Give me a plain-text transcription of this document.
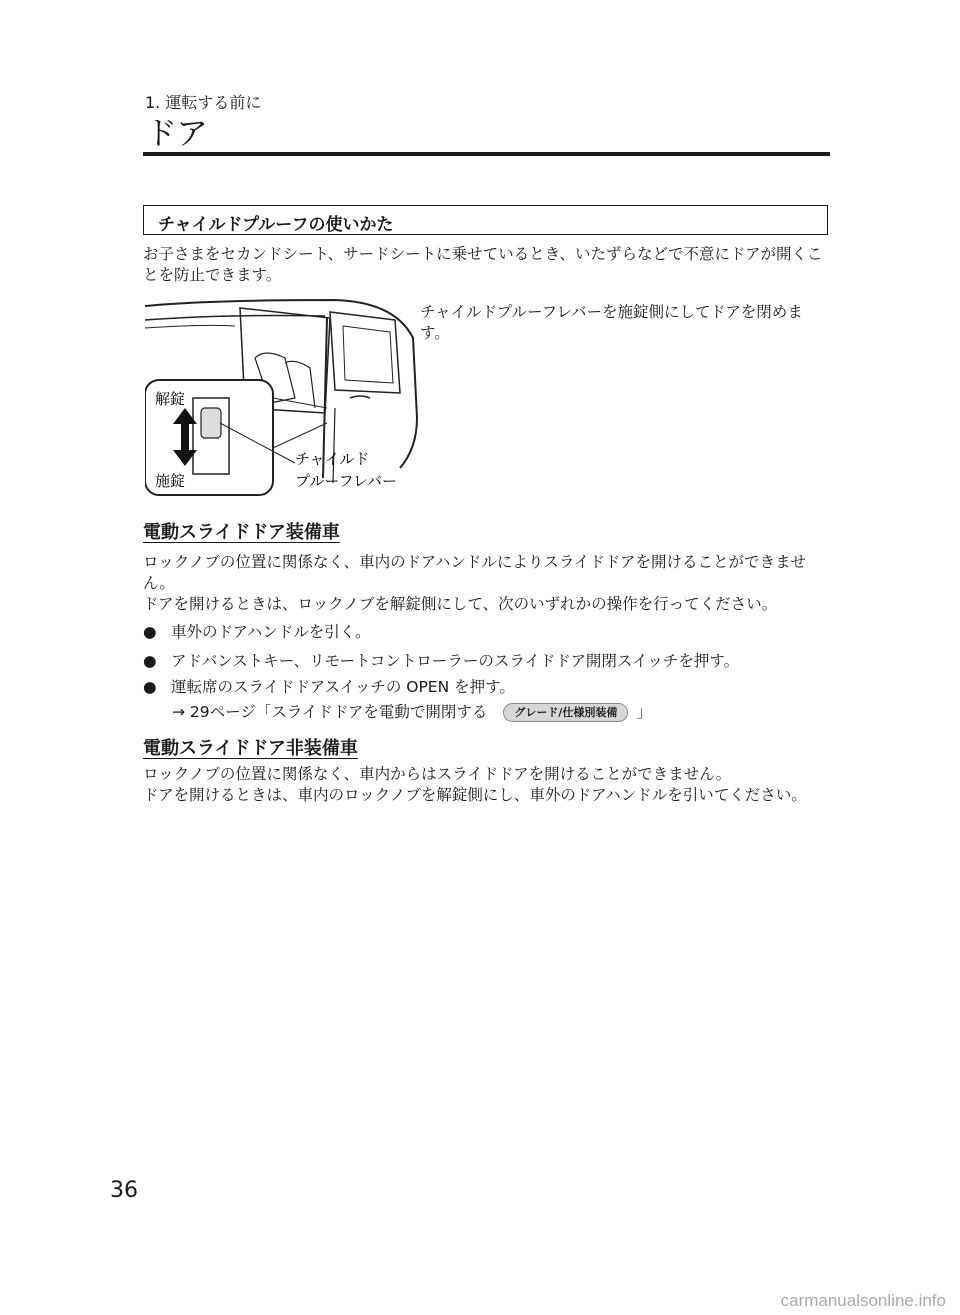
1. 運転する前に
ドア
チャイルドプルーフの使いかた
お子さまをセカンドシート、サードシートに乗せているとき、いたずらなどで不意にドアが開くことを防止できます。
解錠
施錠
チャイルド
プルーフレバー
チャイルドプルーフレバーを施錠側にしてドアを閉めます。
電動スライドドア装備車
ロックノブの位置に関係なく、車内のドアハンドルによりスライドドアを開けることができません。
ドアを開けるときは、ロックノブを解錠側にして、次のいずれかの操作を行ってください。
● 車外のドアハンドルを引く。
● アドバンストキー、リモートコントローラーのスライドドア開閉スイッチを押す。
● 運転席のスライドドアスイッチの OPEN を押す。
→ 29ページ「スライドドアを電動で開閉する グレード/仕様別装備 」
電動スライドドア非装備車
ロックノブの位置に関係なく、車内からはスライドドアを開けることができません。
ドアを開けるときは、車内のロックノブを解錠側にし、車外のドアハンドルを引いてください。
36
carmanualsonline.info
